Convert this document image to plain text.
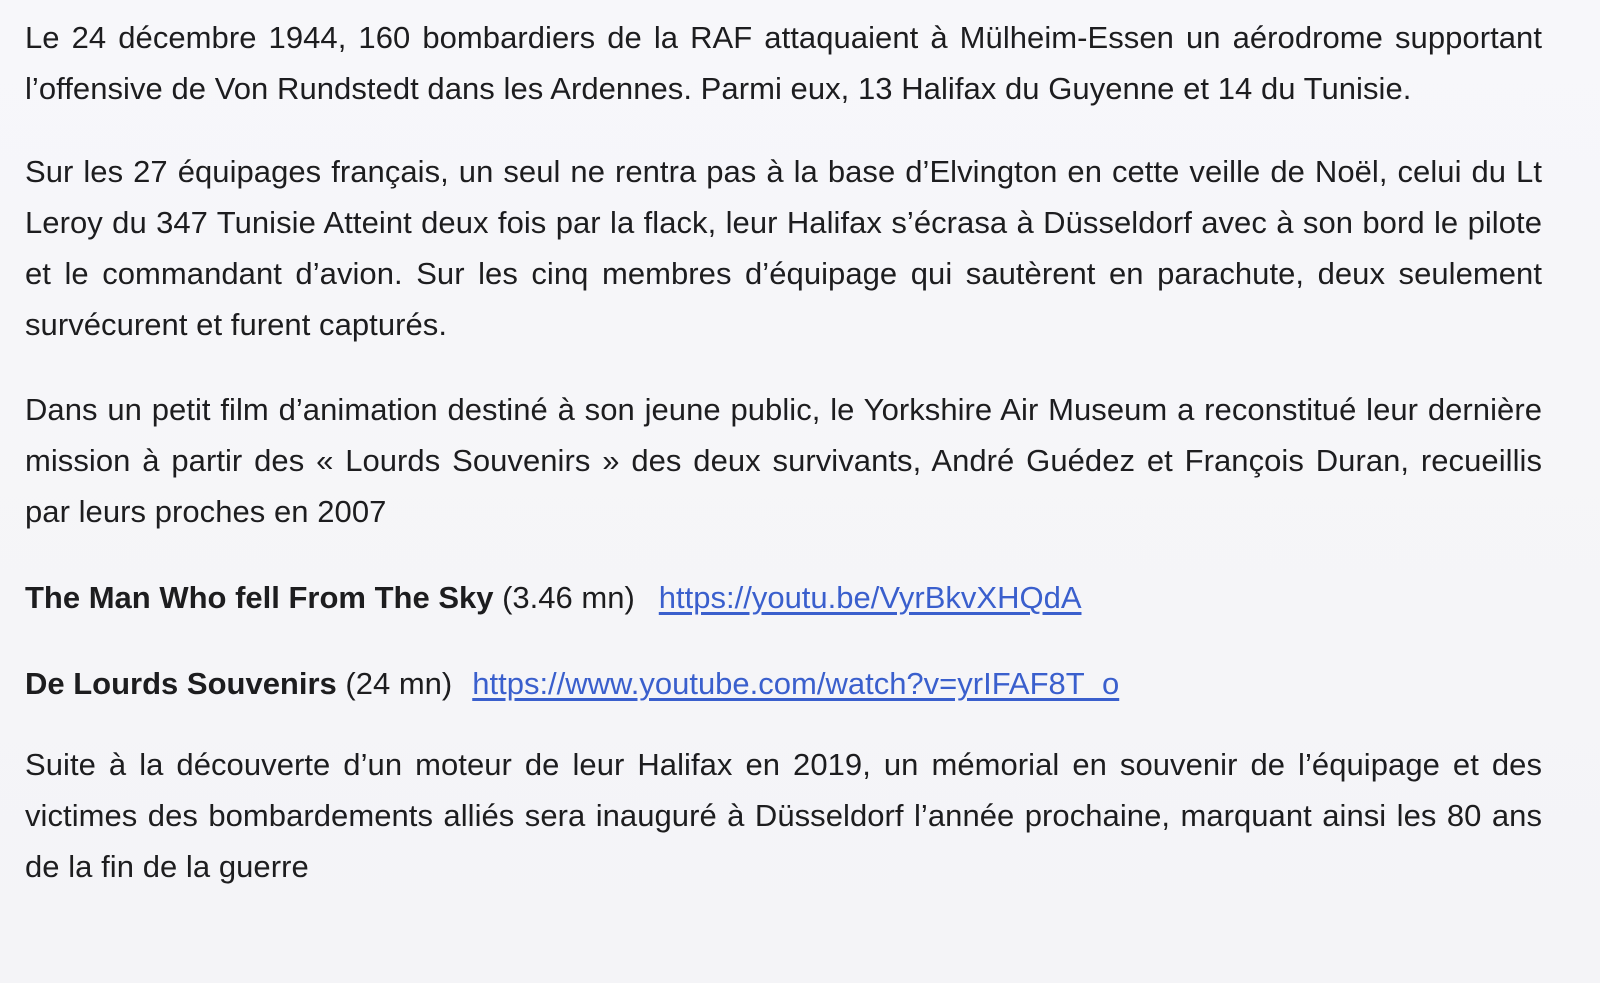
Le 24 décembre 1944, 160 bombardiers de la RAF attaquaient à Mülheim-Essen un aérodrome supportant l’offensive de Von Rundstedt dans les Ardennes. Parmi eux, 13 Halifax du Guyenne et 14 du Tunisie.

Sur les 27 équipages français, un seul ne rentra pas à la base d’Elvington en cette veille de Noël, celui du Lt Leroy du 347 Tunisie Atteint deux fois par la flack, leur Halifax s’écrasa à Düsseldorf avec à son bord le pilote et le commandant d’avion. Sur les cinq membres d’équipage qui sautèrent en parachute, deux seulement survécurent et furent capturés.

Dans un petit film d’animation destiné à son jeune public, le Yorkshire Air Museum a reconstitué leur dernière mission à partir des « Lourds Souvenirs » des deux survivants, André Guédez et François Duran, recueillis par leurs proches en 2007

The Man Who fell From The Sky (3.46 mn) https://youtu.be/VyrBkvXHQdA

De Lourds Souvenirs (24 mn) https://www.youtube.com/watch?v=yrIFAF8T_o

Suite à la découverte d’un moteur de leur Halifax en 2019, un mémorial en souvenir de l’équipage et des victimes des bombardements alliés sera inauguré à Düsseldorf l’année prochaine, marquant ainsi les 80 ans de la fin de la guerre
